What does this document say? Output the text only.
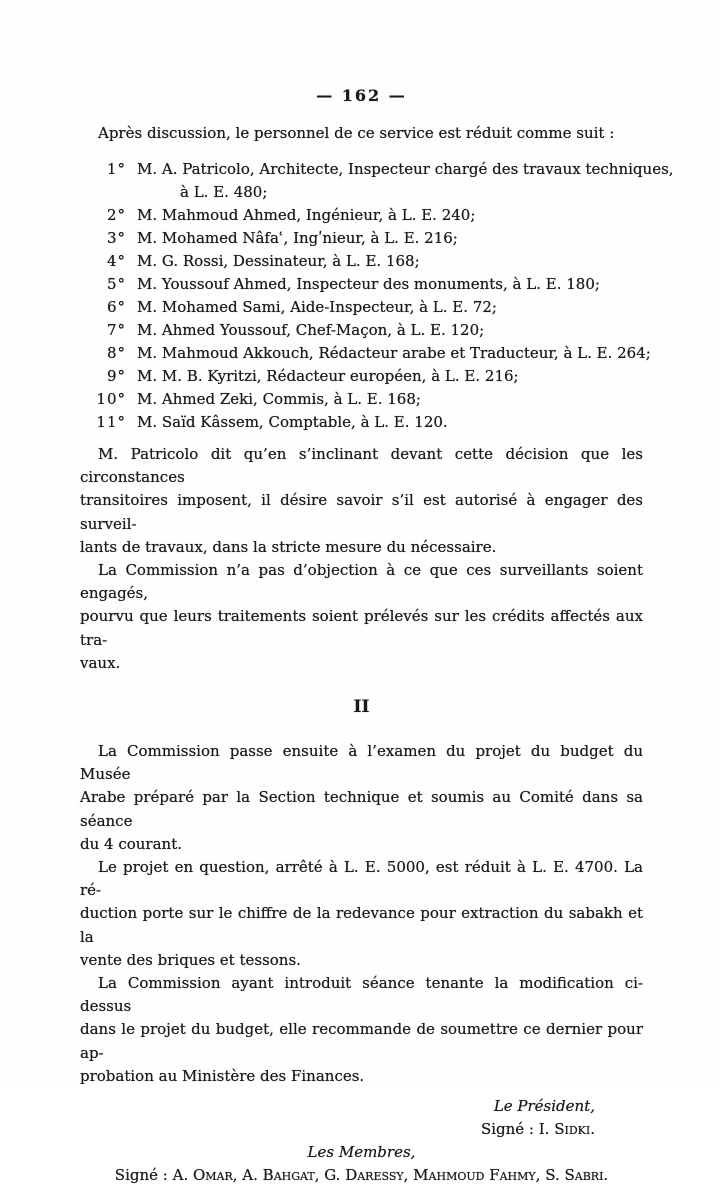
— 162 —
Après discussion, le personnel de ce service est réduit comme suit :
1° M. A. Patricolo, Architecte, Inspecteur chargé des travaux techniques,
à L. E. 480;
2° M. Mahmoud Ahmed, Ingénieur, à L. E. 240;
3° M. Mohamed Nâfaʿ, Ingʹnieur, à L. E. 216;
4° M. G. Rossi, Dessinateur, à L. E. 168;
5° M. Youssouf Ahmed, Inspecteur des monuments, à L. E. 180;
6° M. Mohamed Sami, Aide-Inspecteur, à L. E. 72;
7° M. Ahmed Youssouf, Chef-Maçon, à L. E. 120;
8° M. Mahmoud Akkouch, Rédacteur arabe et Traducteur, à L. E. 264;
9° M. M. B. Kyritzi, Rédacteur européen, à L. E. 216;
10° M. Ahmed Zeki, Commis, à L. E. 168;
11° M. Saïd Kâssem, Comptable, à L. E. 120.
M. Patricolo dit qu’en s’inclinant devant cette décision que les circonstances
transitoires imposent, il désire savoir s’il est autorisé à engager des surveil-
lants de travaux, dans la stricte mesure du nécessaire.
La Commission n’a pas d’objection à ce que ces surveillants soient engagés,
pourvu que leurs traitements soient prélevés sur les crédits affectés aux tra-
vaux.
II
La Commission passe ensuite à l’examen du projet du budget du Musée
Arabe préparé par la Section technique et soumis au Comité dans sa séance
du 4 courant.
Le projet en question, arrêté à L. E. 5000, est réduit à L. E. 4700. La ré-
duction porte sur le chiffre de la redevance pour extraction du sabakh et la
vente des briques et tessons.
La Commission ayant introduit séance tenante la modification ci-dessus
dans le projet du budget, elle recommande de soumettre ce dernier pour ap-
probation au Ministère des Finances.
Le Président,
Signé : I. Sidki.
Les Membres,
Signé : A. Omar, A. Bahgat, G. Daressy, Mahmoud Fahmy, S. Sabri.
